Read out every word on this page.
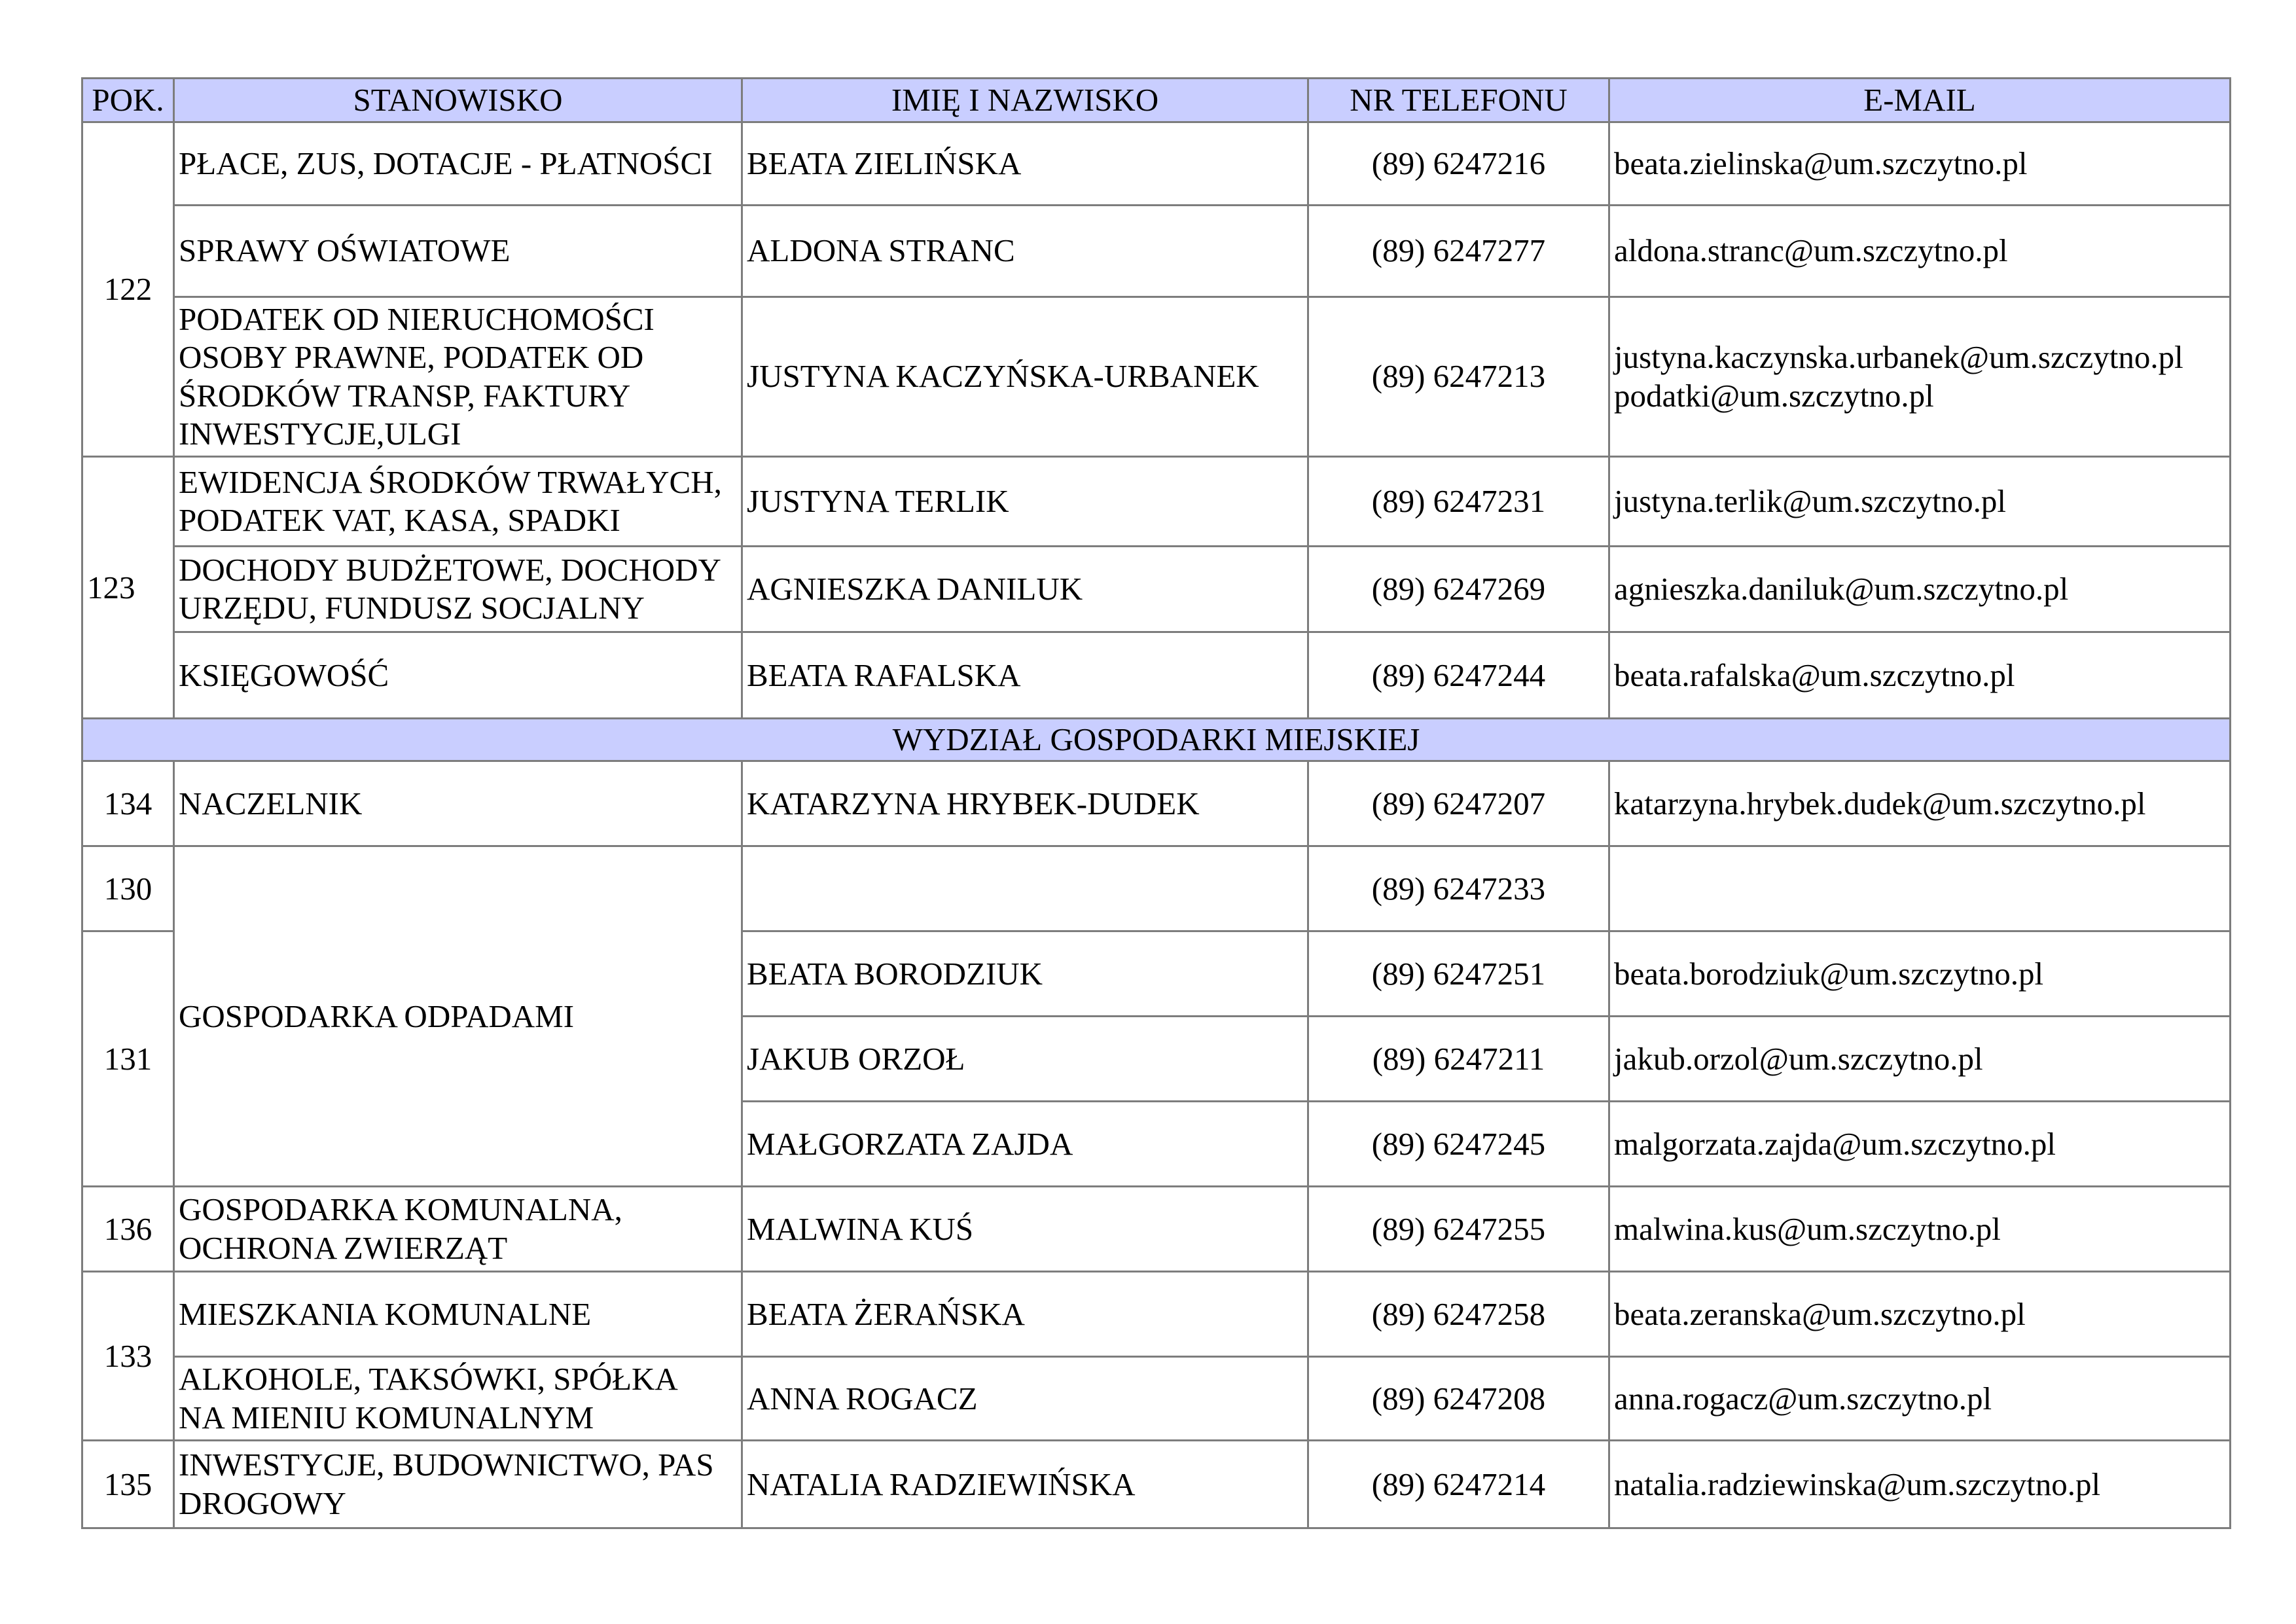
POK.	STANOWISKO	IMIĘ I NAZWISKO	NR TELEFONU	E-MAIL
122	PŁACE, ZUS, DOTACJE - PŁATNOŚCI	BEATA ZIELIŃSKA	(89) 6247216	beata.zielinska@um.szczytno.pl
	SPRAWY OŚWIATOWE	ALDONA STRANC	(89) 6247277	aldona.stranc@um.szczytno.pl
	PODATEK OD NIERUCHOMOŚCI
OSOBY PRAWNE, PODATEK OD
ŚRODKÓW TRANSP, FAKTURY
INWESTYCJE,ULGI	JUSTYNA KACZYŃSKA-URBANEK	(89) 6247213	justyna.kaczynska.urbanek@um.szczytno.pl
podatki@um.szczytno.pl
123	EWIDENCJA ŚRODKÓW TRWAŁYCH,
PODATEK VAT, KASA, SPADKI	JUSTYNA TERLIK	(89) 6247231	justyna.terlik@um.szczytno.pl
	DOCHODY BUDŻETOWE, DOCHODY
URZĘDU, FUNDUSZ SOCJALNY	AGNIESZKA DANILUK	(89) 6247269	agnieszka.daniluk@um.szczytno.pl
	KSIĘGOWOŚĆ	BEATA RAFALSKA	(89) 6247244	beata.rafalska@um.szczytno.pl
WYDZIAŁ GOSPODARKI MIEJSKIEJ				
134	NACZELNIK	KATARZYNA HRYBEK-DUDEK	(89) 6247207	katarzyna.hrybek.dudek@um.szczytno.pl
130	GOSPODARKA ODPADAMI		(89) 6247233	
131		BEATA BORODZIUK	(89) 6247251	beata.borodziuk@um.szczytno.pl
		JAKUB ORZOŁ	(89) 6247211	jakub.orzol@um.szczytno.pl
		MAŁGORZATA ZAJDA	(89) 6247245	malgorzata.zajda@um.szczytno.pl
136	GOSPODARKA KOMUNALNA,
OCHRONA ZWIERZĄT	MALWINA KUŚ	(89) 6247255	malwina.kus@um.szczytno.pl
133	MIESZKANIA KOMUNALNE	BEATA ŻERAŃSKA	(89) 6247258	beata.zeranska@um.szczytno.pl
	ALKOHOLE, TAKSÓWKI, SPÓŁKA
NA MIENIU KOMUNALNYM	ANNA ROGACZ	(89) 6247208	anna.rogacz@um.szczytno.pl
135	INWESTYCJE, BUDOWNICTWO, PAS
DROGOWY	NATALIA RADZIEWIŃSKA	(89) 6247214	natalia.radziewinska@um.szczytno.pl
